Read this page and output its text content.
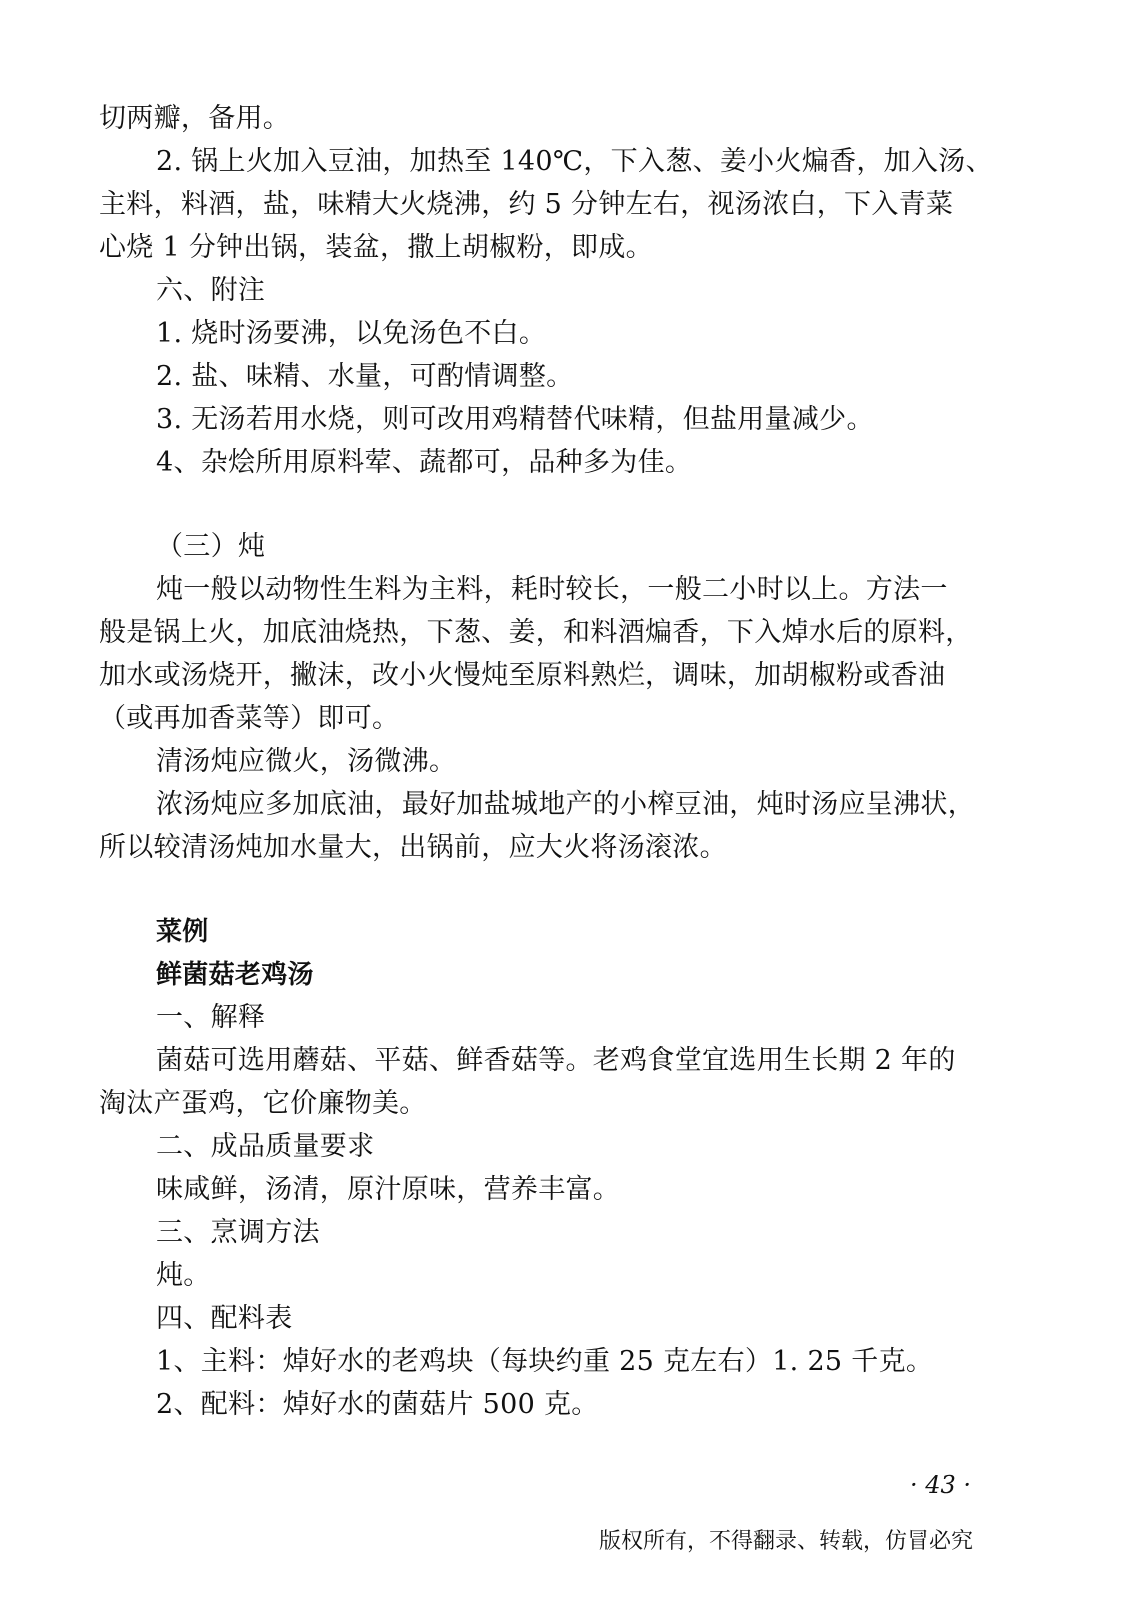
切两瓣，备用。
2. 锅上火加入豆油，加热至 140℃，下入葱、姜小火煸香，加入汤、
主料，料酒，盐，味精大火烧沸，约 5 分钟左右，视汤浓白，下入青菜
心烧 1 分钟出锅，装盆，撒上胡椒粉，即成。
六、附注
1. 烧时汤要沸，以免汤色不白。
2. 盐、味精、水量，可酌情调整。
3. 无汤若用水烧，则可改用鸡精替代味精，但盐用量减少。
4、杂烩所用原料荤、蔬都可，品种多为佳。
（三）炖
炖一般以动物性生料为主料，耗时较长，一般二小时以上。方法一
般是锅上火，加底油烧热，下葱、姜，和料酒煸香，下入焯水后的原料，
加水或汤烧开，撇沫，改小火慢炖至原料熟烂，调味，加胡椒粉或香油
（或再加香菜等）即可。
清汤炖应微火，汤微沸。
浓汤炖应多加底油，最好加盐城地产的小榨豆油，炖时汤应呈沸状，
所以较清汤炖加水量大，出锅前，应大火将汤滚浓。
菜例
鲜菌菇老鸡汤
一、解释
菌菇可选用蘑菇、平菇、鲜香菇等。老鸡食堂宜选用生长期 2 年的
淘汰产蛋鸡，它价廉物美。
二、成品质量要求
味咸鲜，汤清，原汁原味，营养丰富。
三、烹调方法
炖。
四、配料表
1、主料：焯好水的老鸡块（每块约重 25 克左右）1. 25 千克。
2、配料：焯好水的菌菇片 500 克。
· 43 ·
版权所有，不得翻录、转载，仿冒必究
